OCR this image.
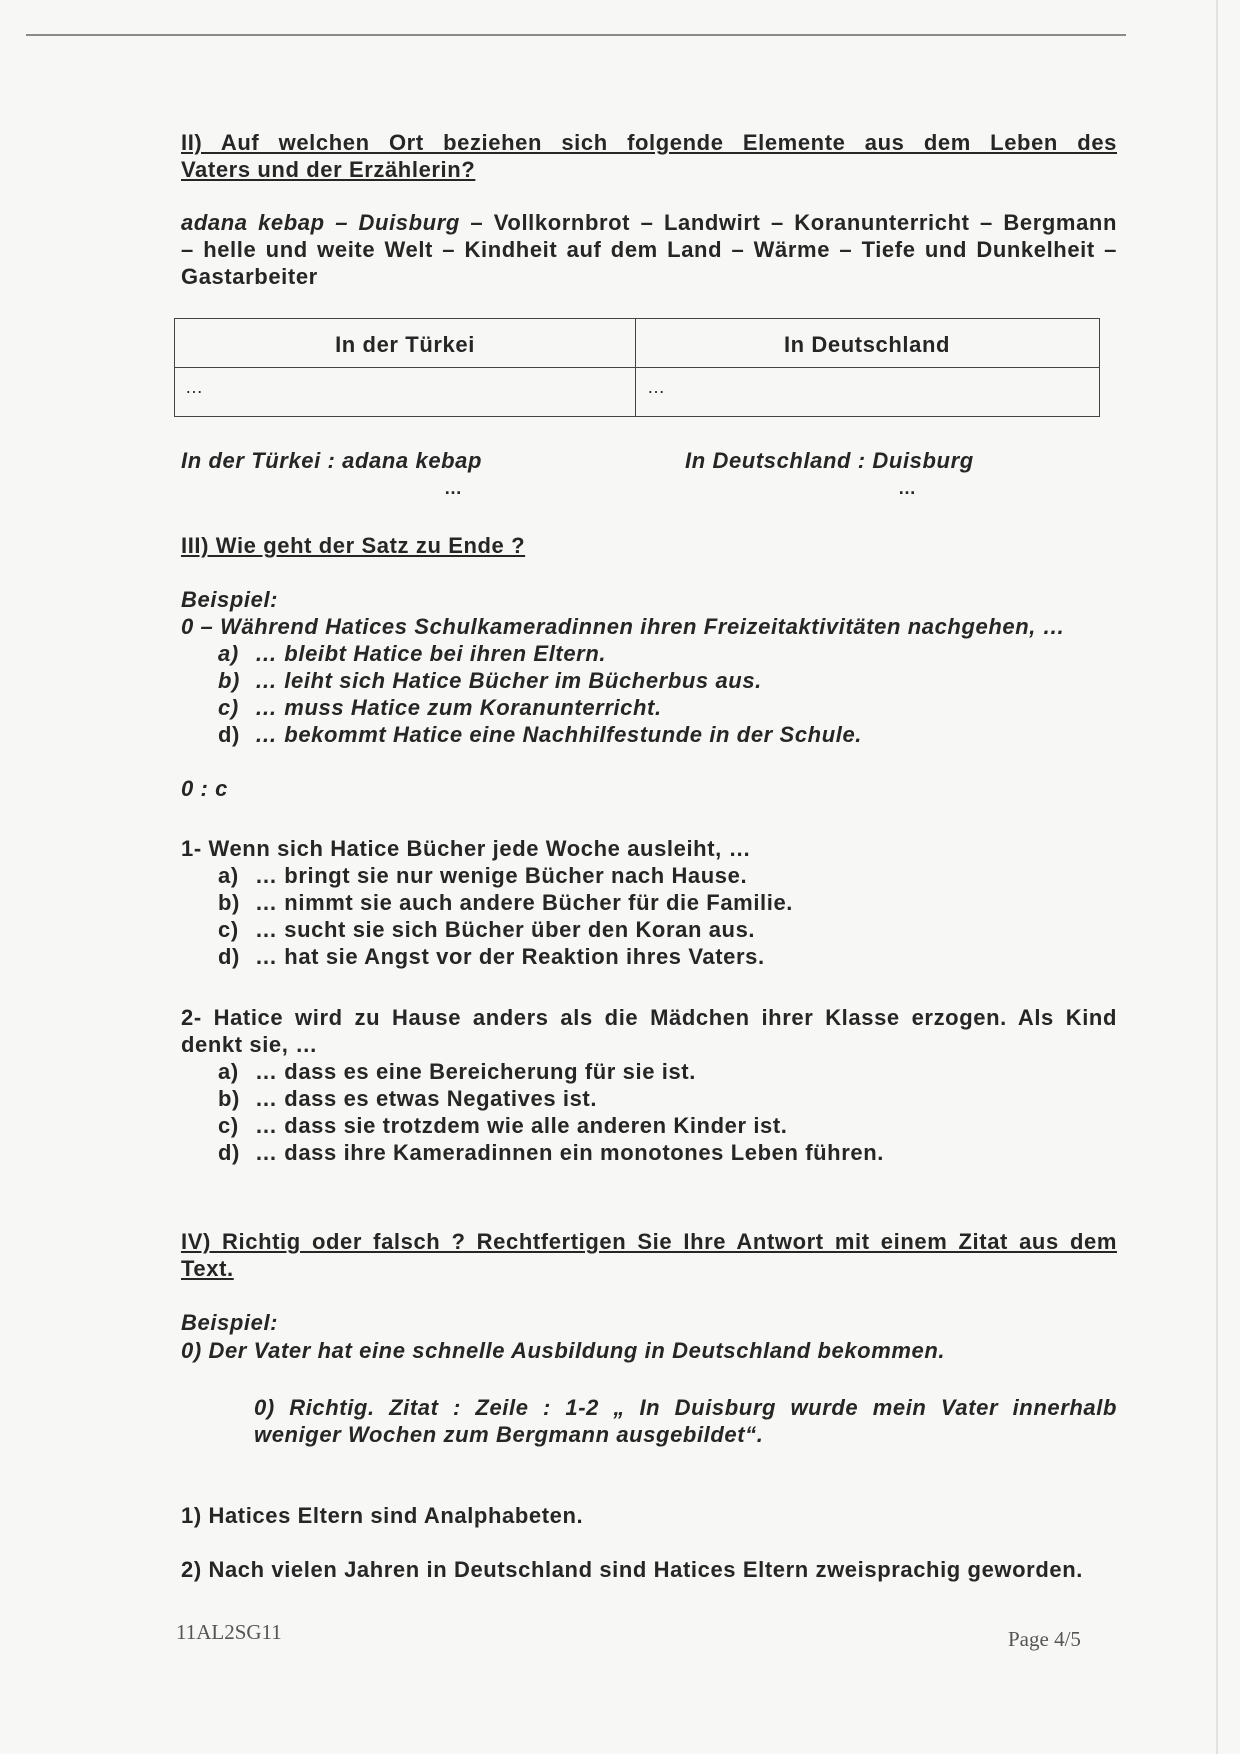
II) Auf welchen Ort beziehen sich folgende Elemente aus dem Leben des
Vaters und der Erzählerin?
adana kebap – Duisburg – Vollkornbrot – Landwirt – Koranunterricht – Bergmann
– helle und weite Welt – Kindheit auf dem Land – Wärme – Tiefe und Dunkelheit –
Gastarbeiter
In der Türkei	In Deutschland
…	…
In der Türkei : adana kebap	In Deutschland : Duisburg
…	…
III) Wie geht der Satz zu Ende ?
Beispiel:
0 – Während Hatices Schulkameradinnen ihren Freizeitaktivitäten nachgehen, …
a) … bleibt Hatice bei ihren Eltern.
b) … leiht sich Hatice Bücher im Bücherbus aus.
c) … muss Hatice zum Koranunterricht.
d) … bekommt Hatice eine Nachhilfestunde in der Schule.
0 : c
1- Wenn sich Hatice Bücher jede Woche ausleiht, …
a) … bringt sie nur wenige Bücher nach Hause.
b) … nimmt sie auch andere Bücher für die Familie.
c) … sucht sie sich Bücher über den Koran aus.
d) … hat sie Angst vor der Reaktion ihres Vaters.
2- Hatice wird zu Hause anders als die Mädchen ihrer Klasse erzogen. Als Kind
denkt sie, …
a) … dass es eine Bereicherung für sie ist.
b) … dass es etwas Negatives ist.
c) … dass sie trotzdem wie alle anderen Kinder ist.
d) … dass ihre Kameradinnen ein monotones Leben führen.
IV) Richtig oder falsch ? Rechtfertigen Sie Ihre Antwort mit einem Zitat aus dem
Text.
Beispiel:
0) Der Vater hat eine schnelle Ausbildung in Deutschland bekommen.
0) Richtig. Zitat : Zeile : 1-2 „ In Duisburg wurde mein Vater innerhalb
weniger Wochen zum Bergmann ausgebildet“.
1) Hatices Eltern sind Analphabeten.
2) Nach vielen Jahren in Deutschland sind Hatices Eltern zweisprachig geworden.
11AL2SG11	Page 4/5
